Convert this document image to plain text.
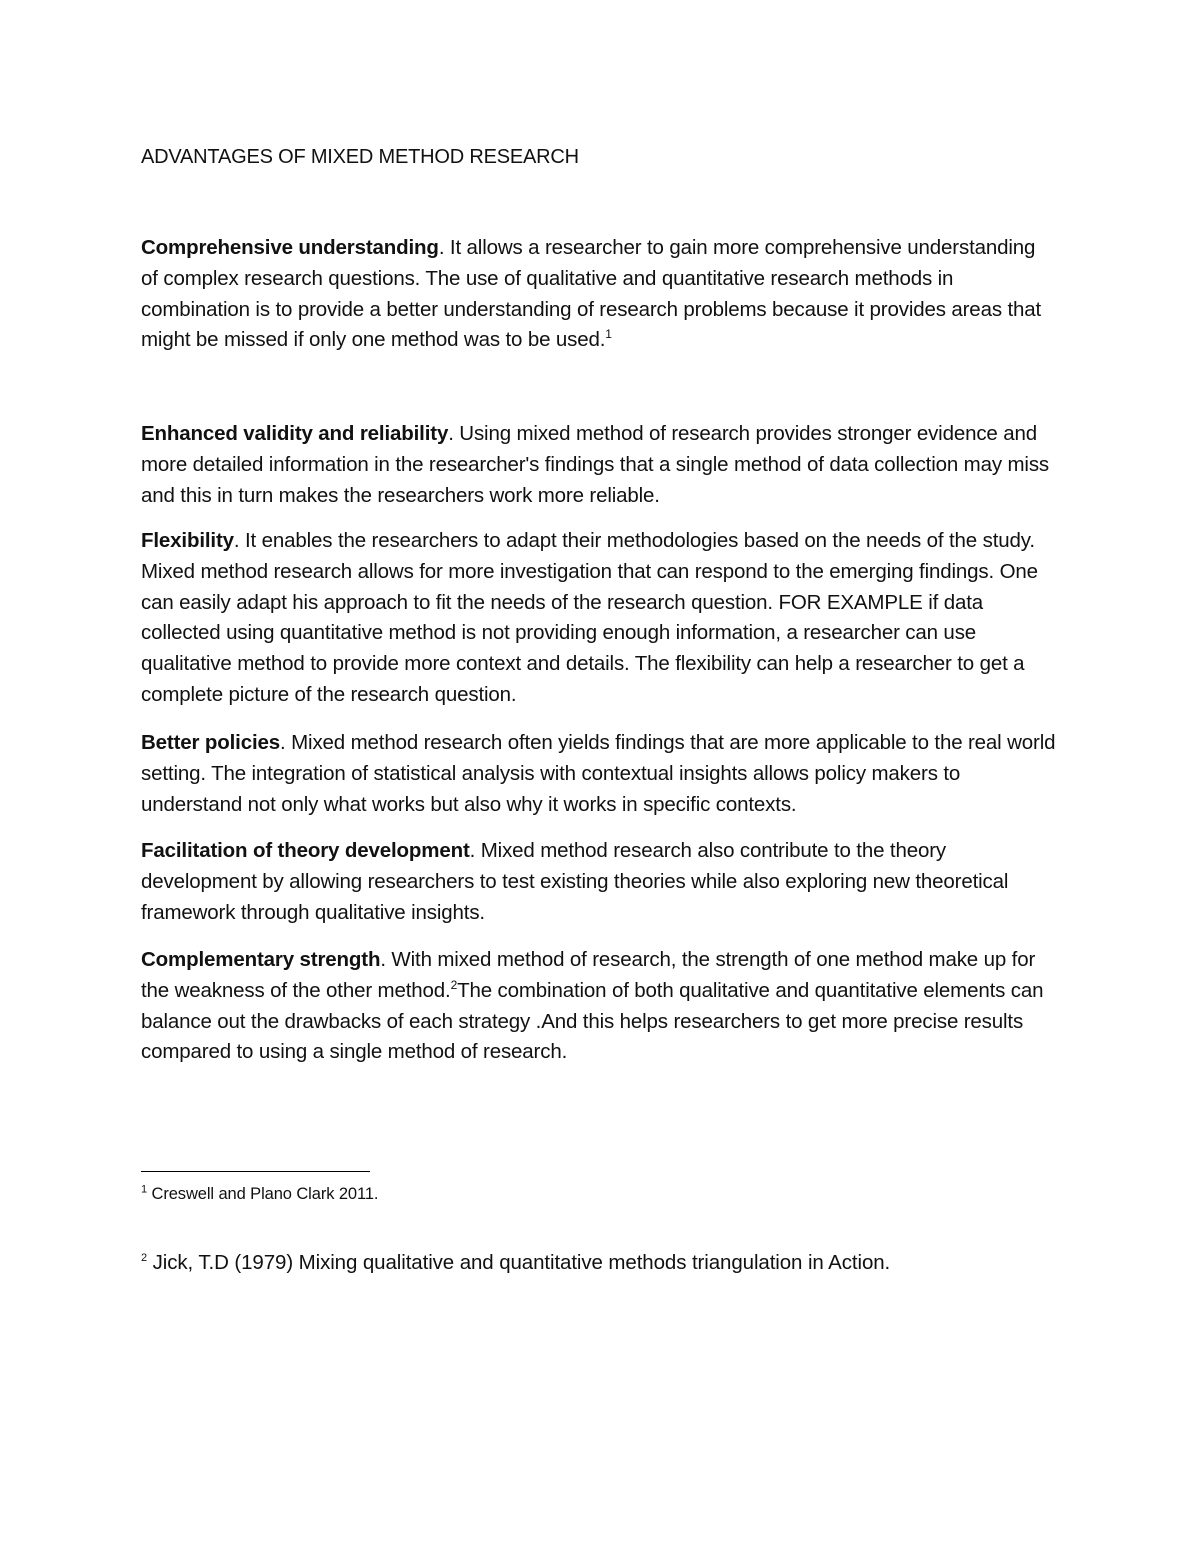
ADVANTAGES OF MIXED METHOD RESEARCH

Comprehensive understanding. It allows a researcher to gain more comprehensive understanding of complex research questions. The use of qualitative and quantitative research methods in combination is to provide a better understanding of research problems because it provides areas that might be missed if only one method was to be used.$^1$

Enhanced validity and reliability. Using mixed method of research provides stronger evidence and more detailed information in the researcher's findings that a single method of data collection may miss and this in turn makes the researchers work more reliable.

Flexibility. It enables the researchers to adapt their methodologies based on the needs of the study. Mixed method research allows for more investigation that can respond to the emerging findings. One can easily adapt his approach to fit the needs of the research question. FOR EXAMPLE if data collected using quantitative method is not providing enough information, a researcher can use qualitative method to provide more context and details. The flexibility can help a researcher to get a complete picture of the research question.

Better policies. Mixed method research often yields findings that are more applicable to the real world setting. The integration of statistical analysis with contextual insights allows policy makers to understand not only what works but also why it works in specific contexts.

Facilitation of theory development. Mixed method research also contribute to the theory development by allowing researchers to test existing theories while also exploring new theoretical framework through qualitative insights.

Complementary strength. With mixed method of research, the strength of one method make up for the weakness of the other method.$^2$The combination of both qualitative and quantitative elements can balance out the drawbacks of each strategy .And this helps researchers to get more precise results compared to using a single method of research.

$^1$ Creswell and Plano Clark 2011.
$^2$ Jick, T.D (1979) Mixing qualitative and quantitative methods triangulation in Action.
